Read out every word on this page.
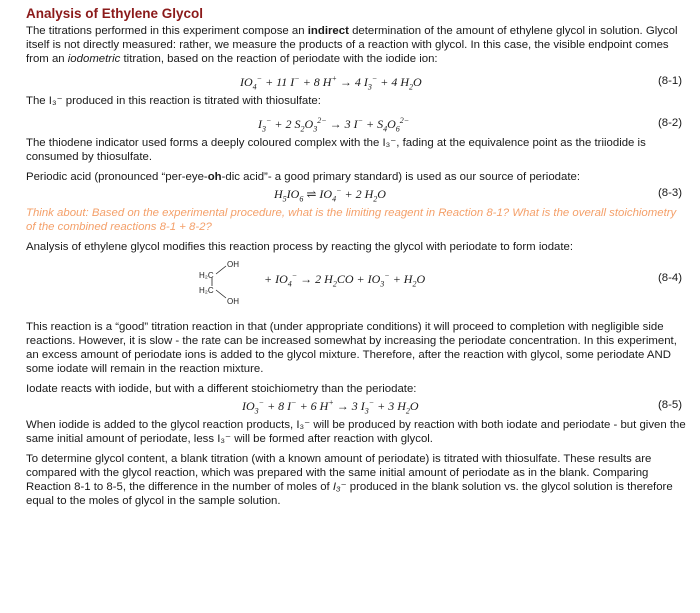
Analysis of Ethylene Glycol

The titrations performed in this experiment compose an indirect determination of the amount of ethylene glycol in solution. Glycol itself is not directly measured: rather, we measure the products of a reaction with glycol. In this case, the visible endpoint comes from an iodometric titration, based on the reaction of periodate with the iodide ion:

$IO_4^- + 11$ I− + 8 H+ → 4 $I_3^- + 4$ $H_2O$	(8-1)

The I₃⁻ produced in this reaction is titrated with thiosulfate:

$I_3^- + 2$ $S_2O_3^{2-} \to 3$ $I^- + S_4O_6^{2-}$	(8-2)

The thiodene indicator used forms a deeply coloured complex with the I₃⁻, fading at the equivalence point as the triiodide is consumed by thiosulfate.

Periodic acid (pronounced “per-eye-oh-dic acid”- a good primary standard) is used as our source of periodate:

$H_5IO_6$ ⇌ $IO_4^- + 2$ $H_2O$	(8-3)

Think about: Based on the experimental procedure, what is the limiting reagent in Reaction 8-1? What is the overall stoichiometry of the combined reactions 8-1 + 8-2?

Analysis of ethylene glycol modifies this reaction process by reacting the glycol with periodate to form iodate:

OH
H₂C
H₂C
OH
+ $IO_4^- \to 2$ $H_2CO + IO_3^- + H_2O$	(8-4)

This reaction is a “good” titration reaction in that (under appropriate conditions) it will proceed to completion with negligible side reactions. However, it is slow - the rate can be increased somewhat by increasing the periodate concentration. In this experiment, an excess amount of periodate ions is added to the glycol mixture. Therefore, after the reaction with glycol, some periodate AND some iodate will remain in the reaction mixture.

Iodate reacts with iodide, but with a different stoichiometry than the periodate:

$IO_3^- + 8$ I− + 6 H+ → 3 $I_3^- + 3$ $H_2O$	(8-5)

When iodide is added to the glycol reaction products, I₃⁻ will be produced by reaction with both iodate and periodate - but given the same initial amount of periodate, less I₃⁻ will be formed after reaction with glycol.

To determine glycol content, a blank titration (with a known amount of periodate) is titrated with thiosulfate. These results are compared with the glycol reaction, which was prepared with the same initial amount of periodate as in the blank. Comparing Reaction 8-1 to 8-5, the difference in the number of moles of I₃⁻ produced in the blank solution vs. the glycol solution is therefore equal to the moles of glycol in the sample solution.
